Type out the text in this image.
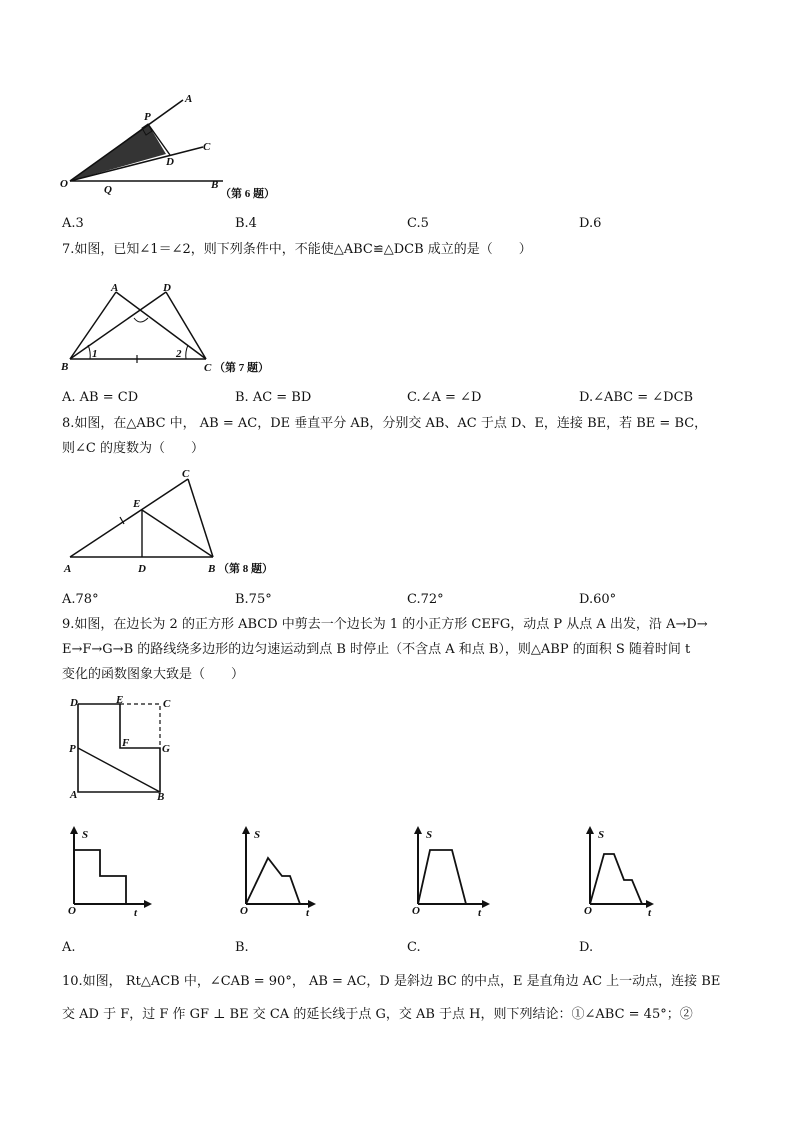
A
P
C
D
O	Q	B
（第 6 题）
A.3	B.4	C.5	D.6
7.如图，已知∠1＝∠2，则下列条件中，不能使△ABC≌△DCB 成立的是（　　）
A	D
B	C
1	2
（第 7 题）
A. AB = CD	B. AC = BD	C.∠A = ∠D	D.∠ABC = ∠DCB
8.如图，在△ABC 中， AB = AC，DE 垂直平分 AB，分别交 AB、AC 于点 D、E，连接 BE，若 BE = BC，
则∠C 的度数为（　　）
C
E
A	D	B （第 8 题）
A.78°	B.75°	C.72°	D.60°
9.如图，在边长为 2 的正方形 ABCD 中剪去一个边长为 1 的小正方形 CEFG，动点 P 从点 A 出发，沿 A→D→
E→F→G→B 的路线绕多边形的边匀速运动到点 B 时停止（不含点 A 和点 B），则△ABP 的面积 S 随着时间 t
变化的函数图象大致是（　　）
D	E	C
P	F	G
A	B
S
O	t
S
O	t
S
O	t
S
O	t
A.	B.	C.	D.
10.如图， Rt△ACB 中，∠CAB = 90°， AB = AC，D 是斜边 BC 的中点，E 是直角边 AC 上一动点，连接 BE
交 AD 于 F，过 F 作 GF ⊥ BE 交 CA 的延长线于点 G，交 AB 于点 H，则下列结论：①∠ABC = 45°；②
